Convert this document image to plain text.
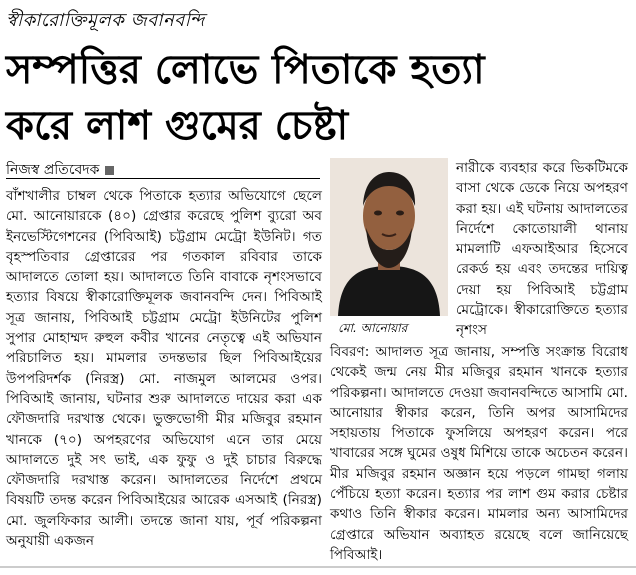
স্বীকারোক্তিমূলক জবানবন্দি
সম্পত্তির লোভে পিতাকে হত্যা
করে লাশ গুমের চেষ্টা
নিজস্ব প্রতিবেদক

বাঁশখালীর চাম্বল থেকে পিতাকে হত্যার অভিযোগে ছেলে মো. আনোয়ারকে (৪০) গ্রেপ্তার করেছে পুলিশ ব্যুরো অব ইনভেস্টিগেশনের (পিবিআই) চট্টগ্রাম মেট্রো ইউনিট। গত বৃহস্পতিবার গ্রেপ্তারের পর গতকাল রবিবার তাকে আদালতে তোলা হয়। আদালতে তিনি বাবাকে নৃশংসভাবে হত্যার বিষয়ে স্বীকারোক্তিমূলক জবানবন্দি দেন। পিবিআই সূত্র জানায়, পিবিআই চট্টগ্রাম মেট্রো ইউনিটের পুলিশ সুপার মোহাম্মদ রুহুল কবীর খানের নেতৃত্বে এই অভিযান পরিচালিত হয়। মামলার তদন্তভার ছিল পিবিআইয়ের উপপরিদর্শক (নিরস্ত্র) মো. নাজমুল আলমের ওপর। পিবিআই জানায়, ঘটনার শুরু আদালতে দায়ের করা এক ফৌজদারি দরখাস্ত থেকে। ভুক্তভোগী মীর মজিবুর রহমান খানকে (৭০) অপহরণের অভিযোগ এনে তার মেয়ে আদালতে দুই সৎ ভাই, এক ফুফু ও দুই চাচার বিরুদ্ধে ফৌজদারি দরখাস্ত করেন। আদালতের নির্দেশে প্রথমে বিষয়টি তদন্ত করেন পিবিআইয়ের আরেক এসআই (নিরস্ত্র) মো. জুলফিকার আলী। তদন্তে জানা যায়, পূর্ব পরিকল্পনা অনুযায়ী একজন

মো. আনোয়ার

নারীকে ব্যবহার করে ভিকটিমকে বাসা থেকে ডেকে নিয়ে অপহরণ করা হয়। এই ঘটনায় আদালতের নির্দেশে কোতোয়ালী থানায় মামলাটি এফআইআর হিসেবে রেকর্ড হয় এবং তদন্তের দায়িত্ব দেয়া হয় পিবিআই চট্টগ্রাম মেট্রোকে। স্বীকারোক্তিতে হত্যার নৃশংস

বিবরণ: আদালত সূত্র জানায়, সম্পত্তি সংক্রান্ত বিরোধ থেকেই জন্ম নেয় মীর মজিবুর রহমান খানকে হত্যার পরিকল্পনা। আদালতে দেওয়া জবানবন্দিতে আসামি মো. আনোয়ার স্বীকার করেন, তিনি অপর আসামিদের সহায়তায় পিতাকে ফুসলিয়ে অপহরণ করেন। পরে খাবারের সঙ্গে ঘুমের ওষুধ মিশিয়ে তাকে অচেতন করেন। মীর মজিবুর রহমান অজ্ঞান হয়ে পড়লে গামছা গলায় পেঁচিয়ে হত্যা করেন। হত্যার পর লাশ গুম করার চেষ্টার কথাও তিনি স্বীকার করেন। মামলার অন্য আসামিদের গ্রেপ্তারে অভিযান অব্যাহত রয়েছে বলে জানিয়েছে পিবিআই।
